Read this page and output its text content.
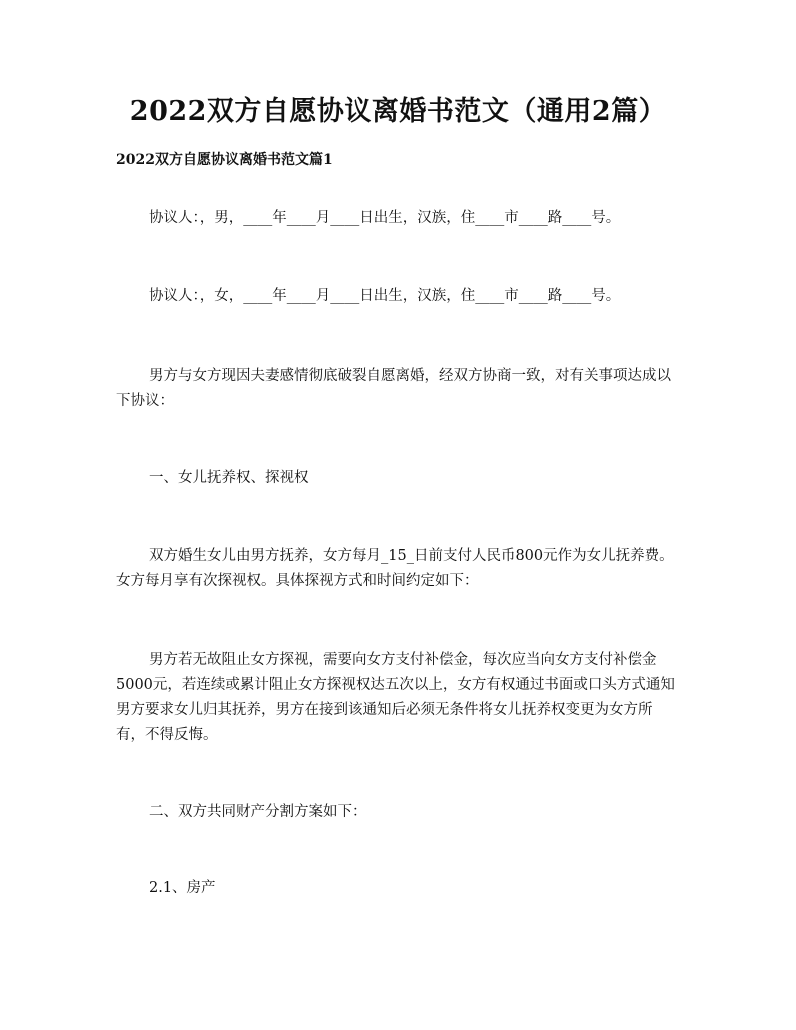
2022双方自愿协议离婚书范文（通用2篇）
2022双方自愿协议离婚书范文篇1

协议人：，男，____年____月____日出生，汉族，住____市____路____号。

协议人：，女，____年____月____日出生，汉族，住____市____路____号。

男方与女方现因夫妻感情彻底破裂自愿离婚，经双方协商一致，对有关事项达成以下协议：

一、女儿抚养权、探视权

双方婚生女儿由男方抚养，女方每月_15_日前支付人民币800元作为女儿抚养费。女方每月享有次探视权。具体探视方式和时间约定如下：

男方若无故阻止女方探视，需要向女方支付补偿金，每次应当向女方支付补偿金5000元，若连续或累计阻止女方探视权达五次以上，女方有权通过书面或口头方式通知男方要求女儿归其抚养，男方在接到该通知后必须无条件将女儿抚养权变更为女方所有，不得反悔。

二、双方共同财产分割方案如下：

2.1、房产
